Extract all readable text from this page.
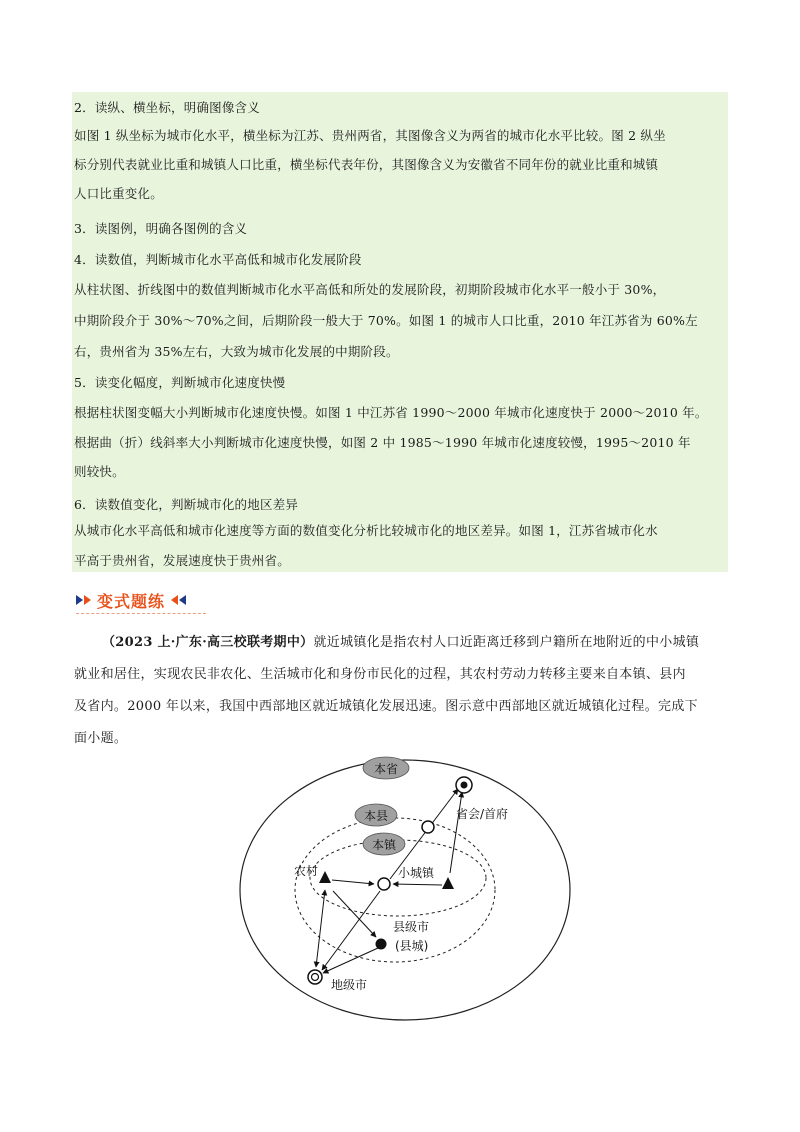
2．读纵、横坐标，明确图像含义
如图 1 纵坐标为城市化水平，横坐标为江苏、贵州两省，其图像含义为两省的城市化水平比较。图 2 纵坐
标分别代表就业比重和城镇人口比重，横坐标代表年份，其图像含义为安徽省不同年份的就业比重和城镇
人口比重变化。
3．读图例，明确各图例的含义
4．读数值，判断城市化水平高低和城市化发展阶段
从柱状图、折线图中的数值判断城市化水平高低和所处的发展阶段，初期阶段城市化水平一般小于 30%，
中期阶段介于 30%～70%之间，后期阶段一般大于 70%。如图 1 的城市人口比重，2010 年江苏省为 60%左
右，贵州省为 35%左右，大致为城市化发展的中期阶段。
5．读变化幅度，判断城市化速度快慢
根据柱状图变幅大小判断城市化速度快慢。如图 1 中江苏省 1990～2000 年城市化速度快于 2000～2010 年。
根据曲（折）线斜率大小判断城市化速度快慢，如图 2 中 1985～1990 年城市化速度较慢，1995～2010 年
则较快。
6．读数值变化，判断城市化的地区差异
从城市化水平高低和城市化速度等方面的数值变化分析比较城市化的地区差异。如图 1，江苏省城市化水
平高于贵州省，发展速度快于贵州省。
变式题练
（2023 上·广东·高三校联考期中）就近城镇化是指农村人口近距离迁移到户籍所在地附近的中小城镇
就业和居住，实现农民非农化、生活城市化和身份市民化的过程，其农村劳动力转移主要来自本镇、县内
及省内。2000 年以来，我国中西部地区就近城镇化发展迅速。图示意中西部地区就近城镇化过程。完成下
面小题。
本省
本县
本镇
农村	小城镇
省会/首府
县级市
(县城)
地级市
